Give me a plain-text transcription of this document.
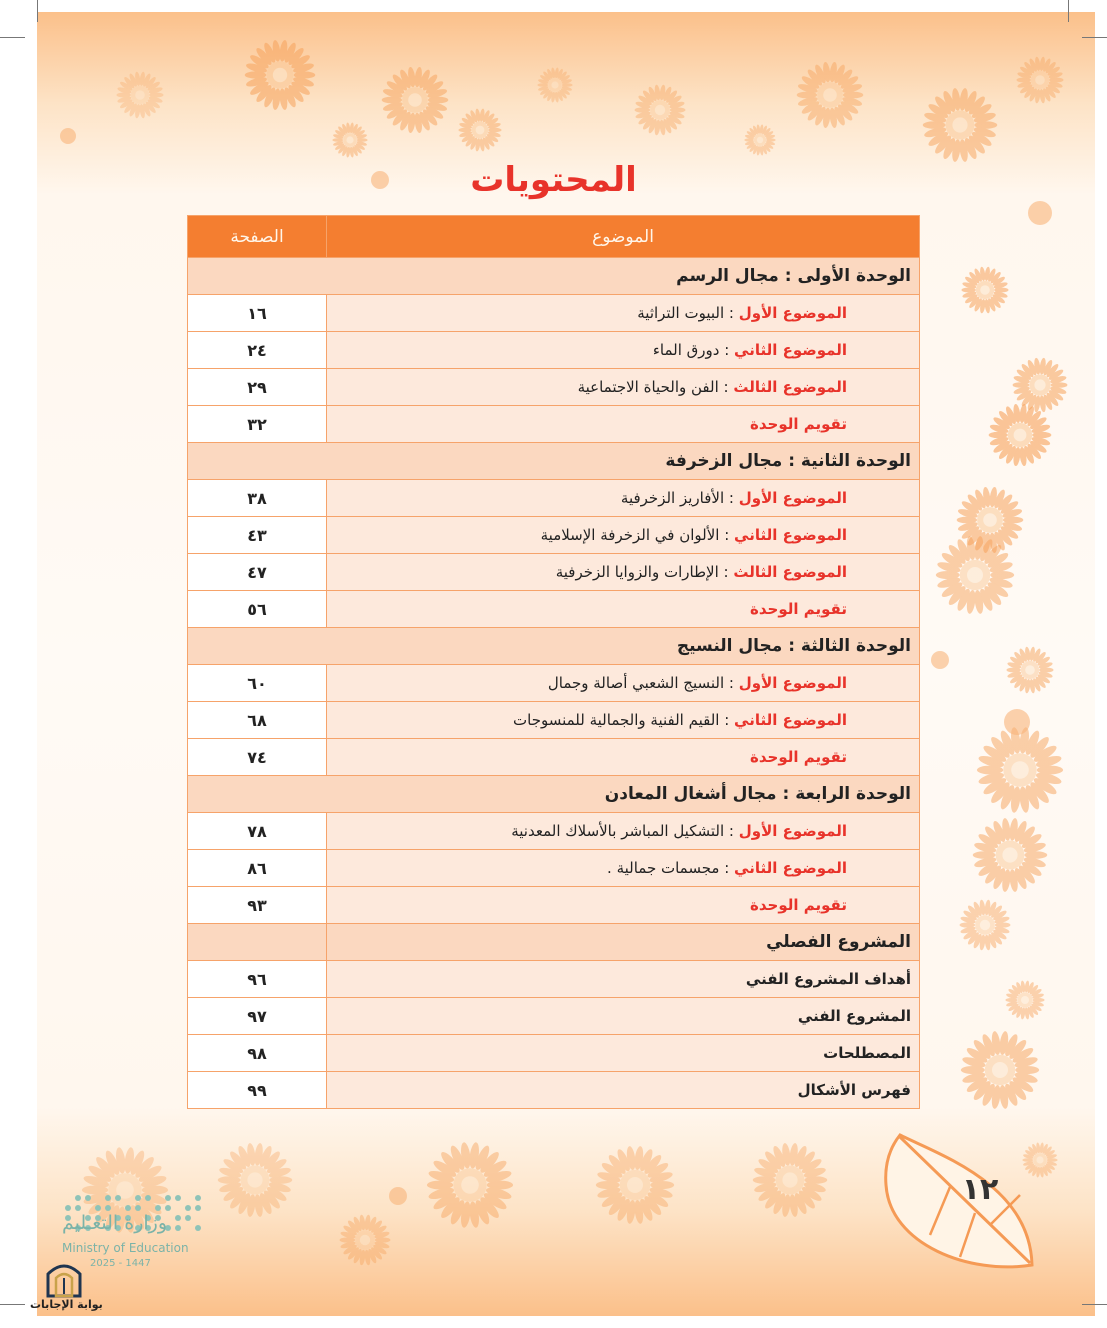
المحتويات
الموضوع	الصفحة
الوحدة الأولى : مجال الرسم	
الموضوع الأول : البيوت التراثية	١٦
الموضوع الثاني : دورق الماء	٢٤
الموضوع الثالث : الفن والحياة الاجتماعية	٢٩
تقويم الوحدة	٣٢
الوحدة الثانية : مجال الزخرفة	
الموضوع الأول : الأفاريز الزخرفية	٣٨
الموضوع الثاني : الألوان في الزخرفة الإسلامية	٤٣
الموضوع الثالث : الإطارات والزوايا الزخرفية	٤٧
تقويم الوحدة	٥٦
الوحدة الثالثة : مجال النسيج	
الموضوع الأول : النسيج الشعبي أصالة وجمال	٦٠
الموضوع الثاني : القيم الفنية والجمالية للمنسوجات	٦٨
تقويم الوحدة	٧٤
الوحدة الرابعة : مجال أشغال المعادن	
الموضوع الأول : التشكيل المباشر بالأسلاك المعدنية	٧٨
الموضوع الثاني : مجسمات جمالية .	٨٦
تقويم الوحدة	٩٣
المشروع الفصلي	
أهداف المشروع الفني	٩٦
المشروع الفني	٩٧
المصطلحات	٩٨
فهرس الأشكال	٩٩
١٢
وزارة التعـليم
Ministry of Education
2025 - 1447
بوابة الإجابات
